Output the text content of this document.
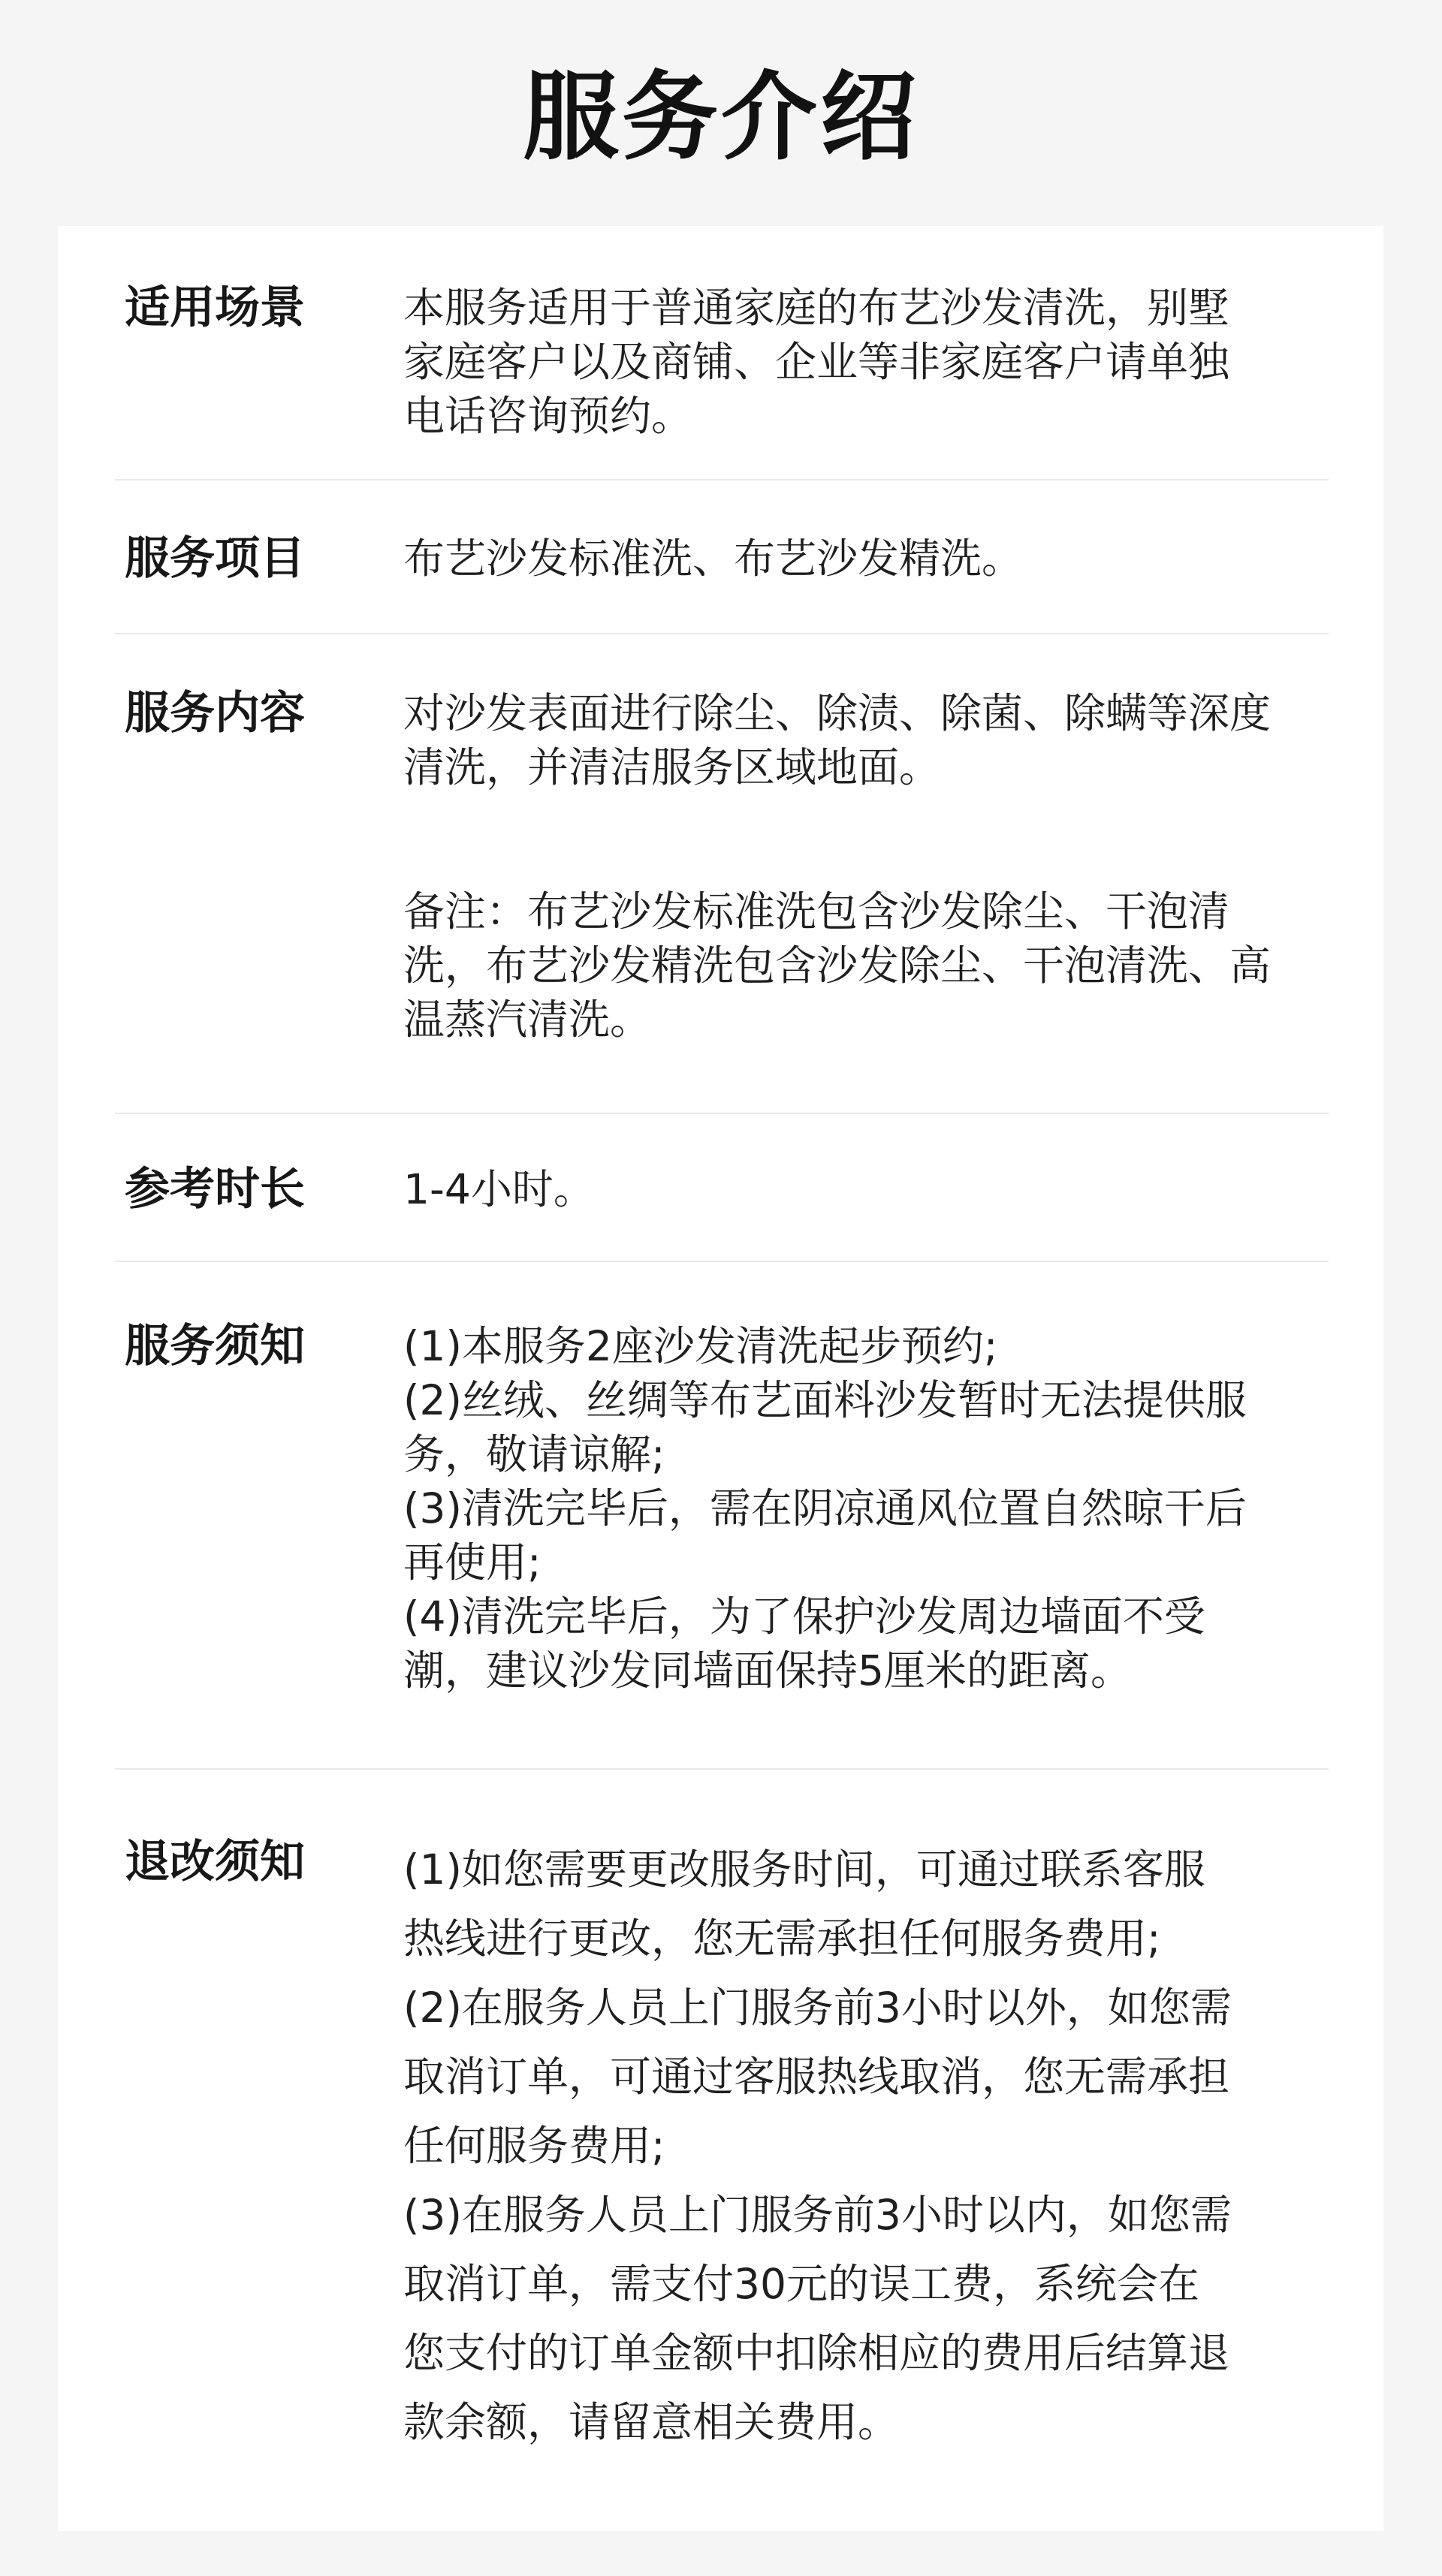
服务介绍
适用场景 本服务适用于普通家庭的布艺沙发清洗，别墅

家庭客户以及商铺、企业等非家庭客户请单独

电话咨询预约。

服务项目 布艺沙发标准洗、布艺沙发精洗。

服务内容 对沙发表面进行除尘、除渍、除菌、除螨等深度

清洗，并清洁服务区域地面。

备注：布艺沙发标准洗包含沙发除尘、干泡清

洗，布艺沙发精洗包含沙发除尘、干泡清洗、高

温蒸汽清洗。

参考时长 1-4小时。

服务须知 (1)本服务2座沙发清洗起步预约;

(2)丝绒、丝绸等布艺面料沙发暂时无法提供服

务，敬请谅解;

(3)清洗完毕后，需在阴凉通风位置自然晾干后

再使用;

(4)清洗完毕后，为了保护沙发周边墙面不受

潮，建议沙发同墙面保持5厘米的距离。

退改须知 (1)如您需要更改服务时间，可通过联系客服

热线进行更改，您无需承担任何服务费用;

(2)在服务人员上门服务前3小时以外，如您需

取消订单，可通过客服热线取消，您无需承担

任何服务费用;

(3)在服务人员上门服务前3小时以内，如您需

取消订单，需支付30元的误工费，系统会在

您支付的订单金额中扣除相应的费用后结算退

款余额，请留意相关费用。
